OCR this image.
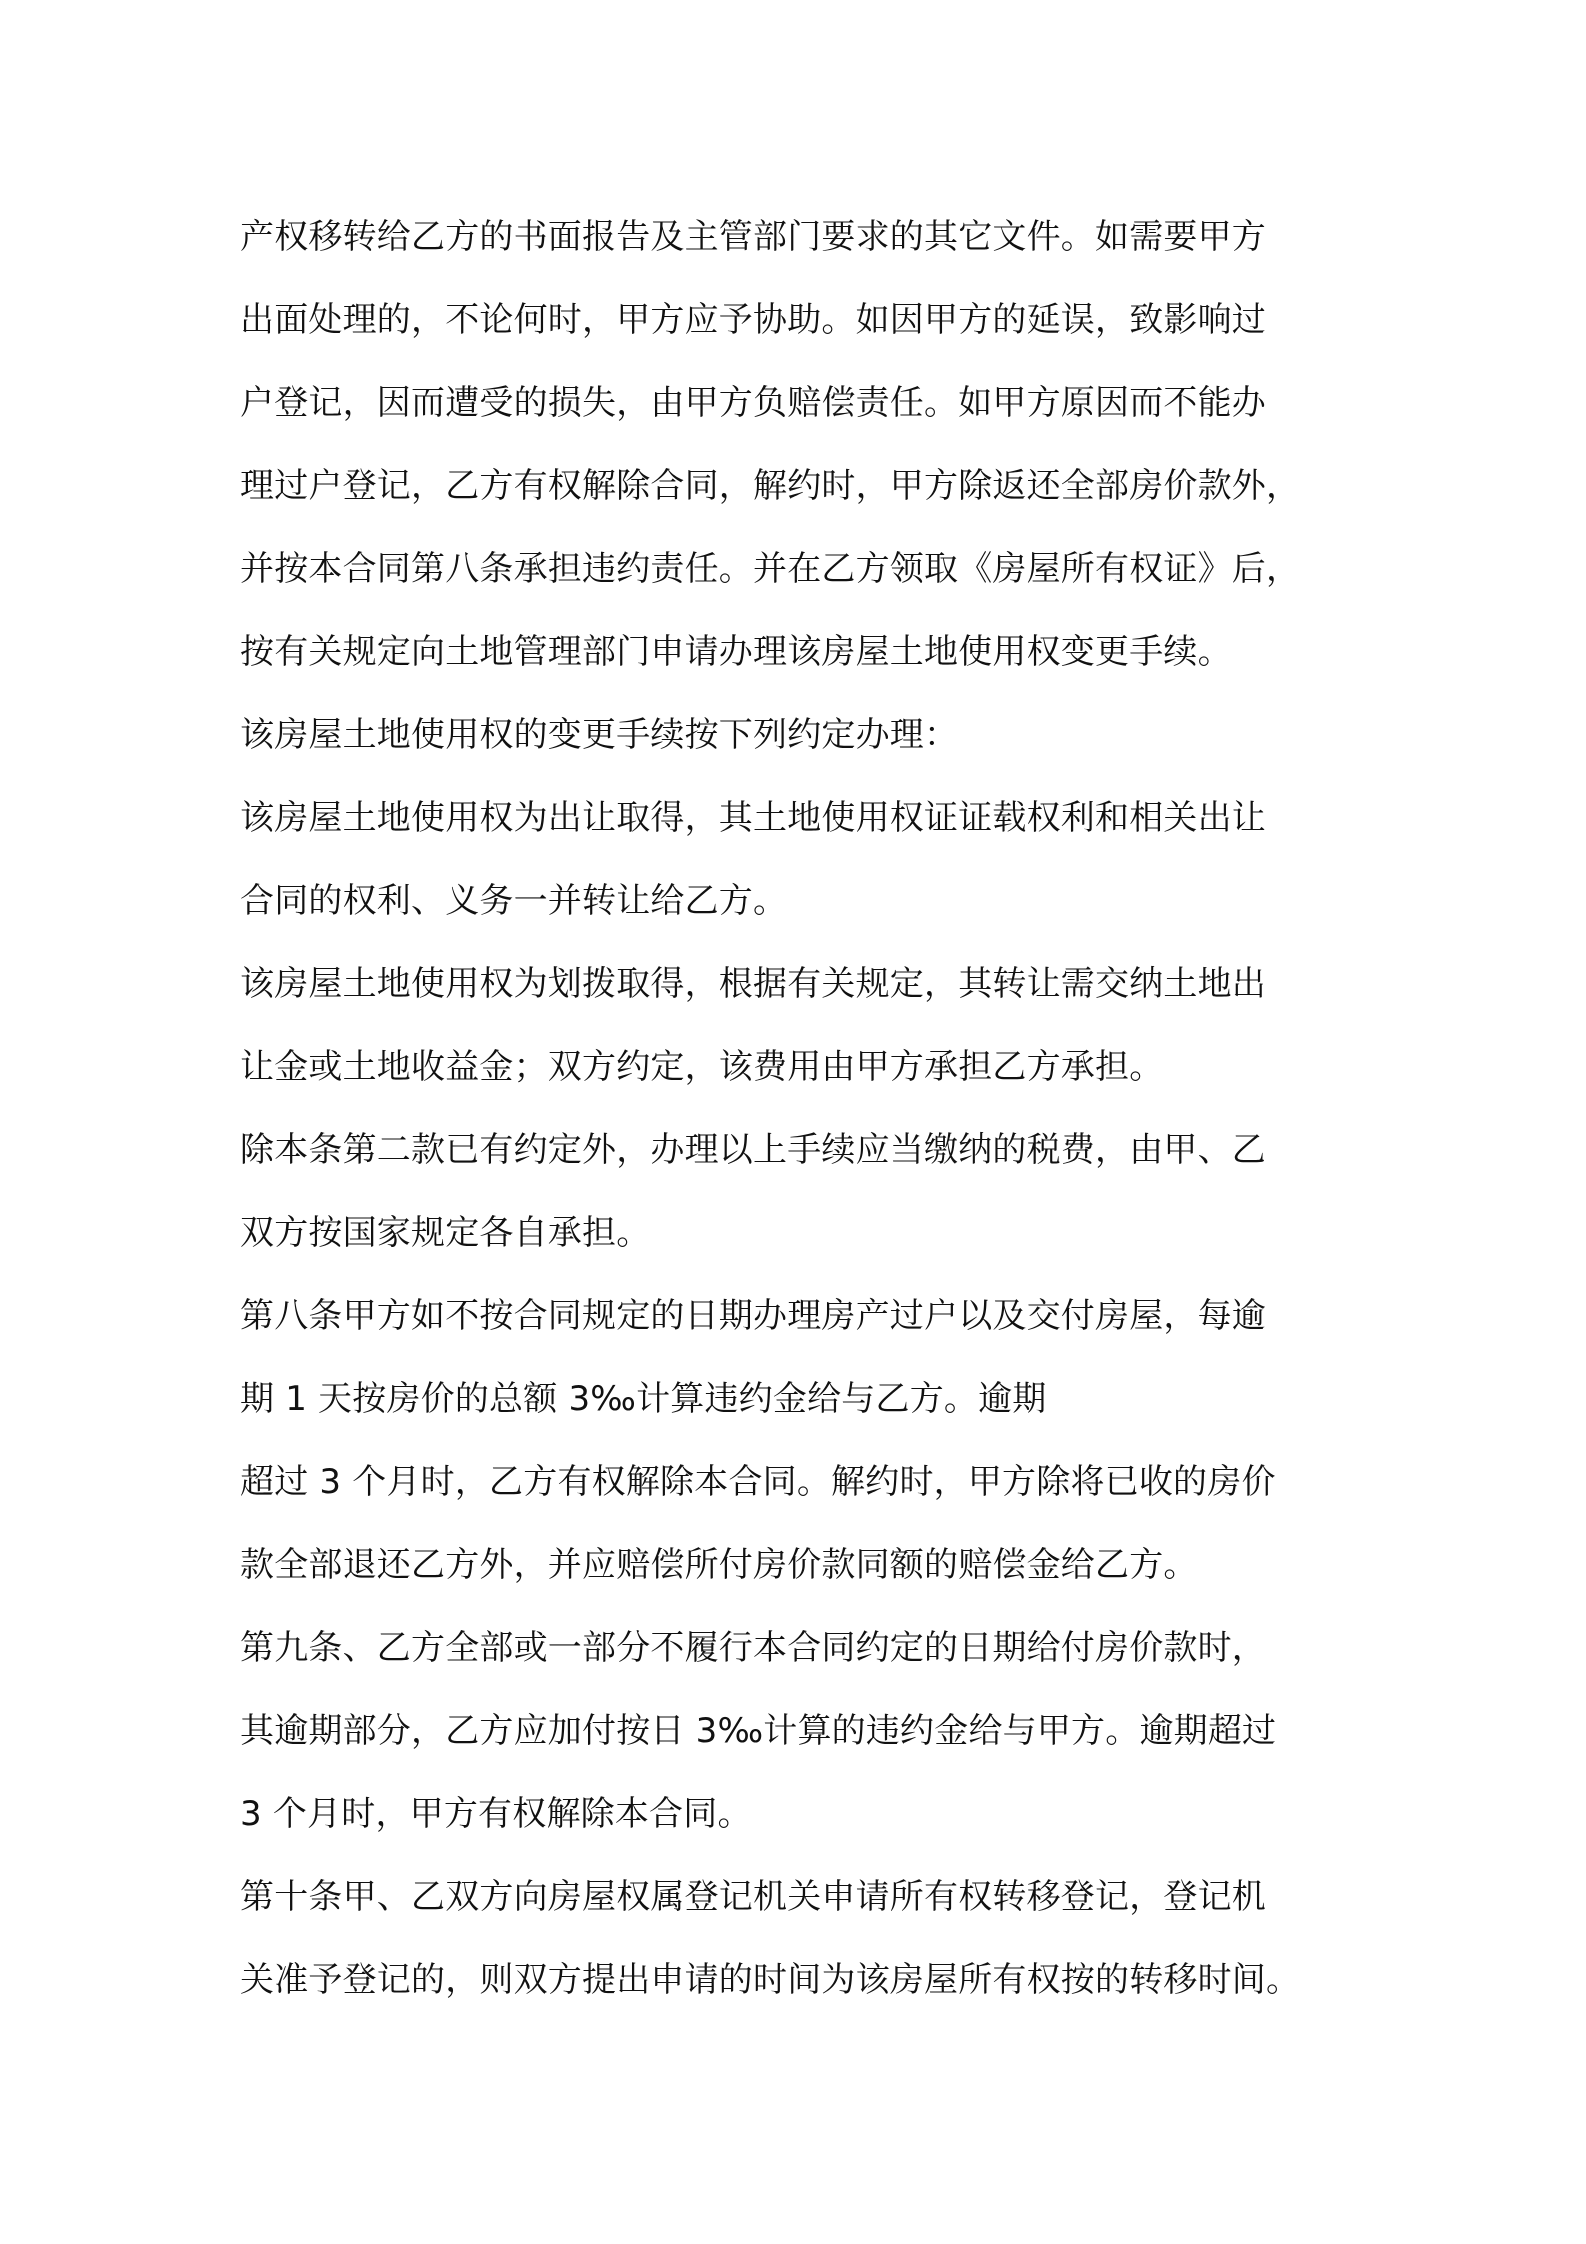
产权移转给乙方的书面报告及主管部门要求的其它文件。如需要甲方
出面处理的，不论何时，甲方应予协助。如因甲方的延误，致影响过
户登记，因而遭受的损失，由甲方负赔偿责任。如甲方原因而不能办
理过户登记，乙方有权解除合同，解约时，甲方除返还全部房价款外，
并按本合同第八条承担违约责任。并在乙方领取《房屋所有权证》后，
按有关规定向土地管理部门申请办理该房屋土地使用权变更手续。
该房屋土地使用权的变更手续按下列约定办理：
该房屋土地使用权为出让取得，其土地使用权证证载权利和相关出让
合同的权利、义务一并转让给乙方。
该房屋土地使用权为划拨取得，根据有关规定，其转让需交纳土地出
让金或土地收益金；双方约定，该费用由甲方承担乙方承担。
除本条第二款已有约定外，办理以上手续应当缴纳的税费，由甲、乙
双方按国家规定各自承担。
第八条甲方如不按合同规定的日期办理房产过户以及交付房屋，每逾
期 1 天按房价的总额 3‰计算违约金给与乙方。逾期
超过 3 个月时，乙方有权解除本合同。解约时，甲方除将已收的房价
款全部退还乙方外，并应赔偿所付房价款同额的赔偿金给乙方。
第九条、乙方全部或一部分不履行本合同约定的日期给付房价款时，
其逾期部分，乙方应加付按日 3‰计算的违约金给与甲方。逾期超过
3 个月时，甲方有权解除本合同。
第十条甲、乙双方向房屋权属登记机关申请所有权转移登记，登记机
关准予登记的，则双方提出申请的时间为该房屋所有权按的转移时间。
